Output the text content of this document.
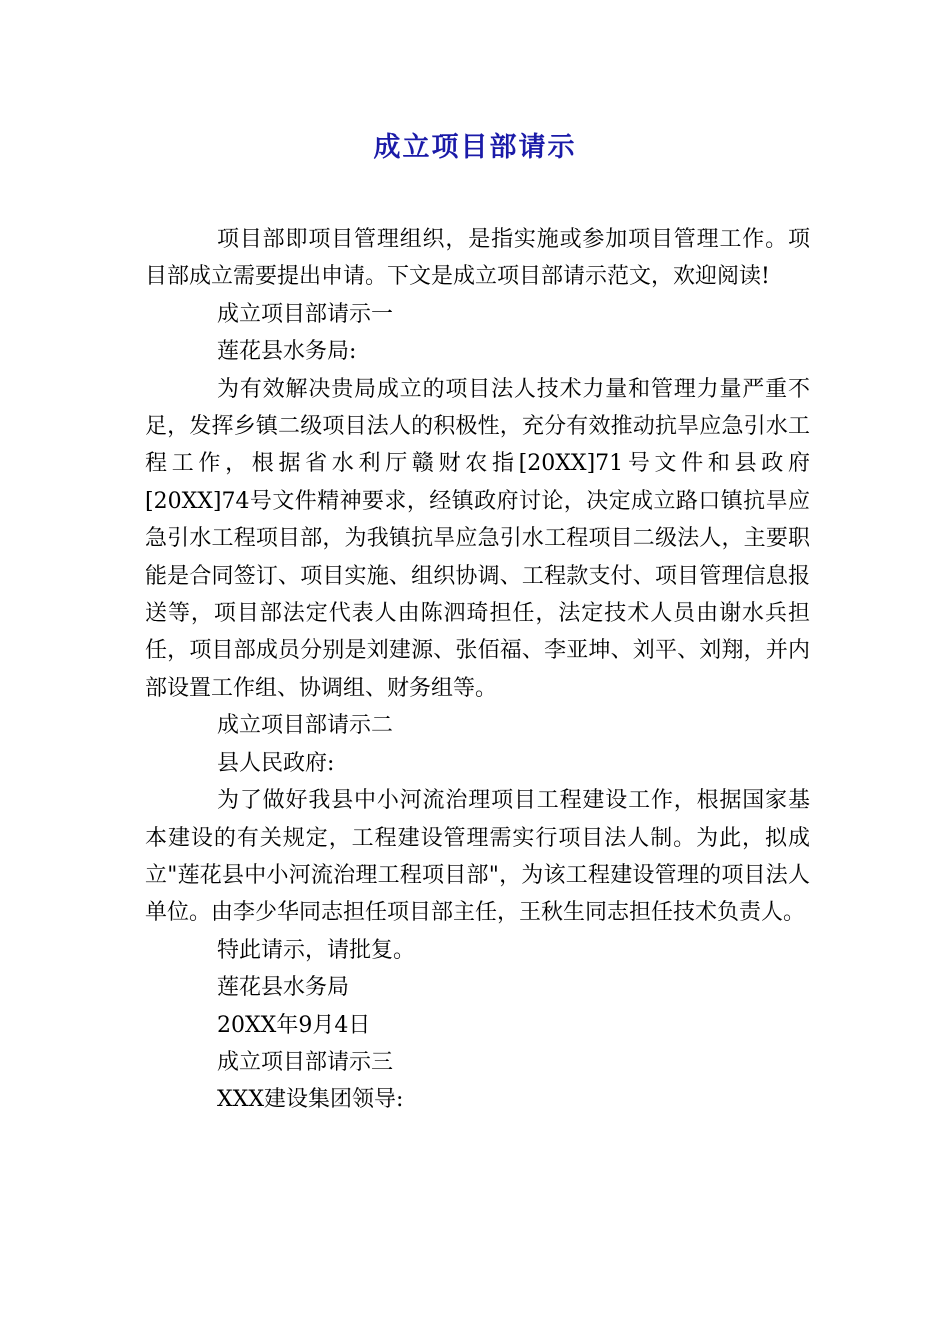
成立项目部请示

项目部即项目管理组织，是指实施或参加项目管理工作。项目部成立需要提出申请。下文是成立项目部请示范文，欢迎阅读!

成立项目部请示一

莲花县水务局:

为有效解决贵局成立的项目法人技术力量和管理力量严重不足，发挥乡镇二级项目法人的积极性，充分有效推动抗旱应急引水工程工作，根据省水利厅赣财农指[20XX]71号文件和县政府[20XX]74号文件精神要求，经镇政府讨论，决定成立路口镇抗旱应急引水工程项目部，为我镇抗旱应急引水工程项目二级法人，主要职能是合同签订、项目实施、组织协调、工程款支付、项目管理信息报送等，项目部法定代表人由陈泗琦担任，法定技术人员由谢水兵担任，项目部成员分别是刘建源、张佰福、李亚坤、刘平、刘翔，并内部设置工作组、协调组、财务组等。

成立项目部请示二

县人民政府:

为了做好我县中小河流治理项目工程建设工作，根据国家基本建设的有关规定，工程建设管理需实行项目法人制。为此，拟成立"莲花县中小河流治理工程项目部"，为该工程建设管理的项目法人单位。由李少华同志担任项目部主任，王秋生同志担任技术负责人。

特此请示，请批复。

莲花县水务局

20XX年9月4日

成立项目部请示三

XXX建设集团领导:
